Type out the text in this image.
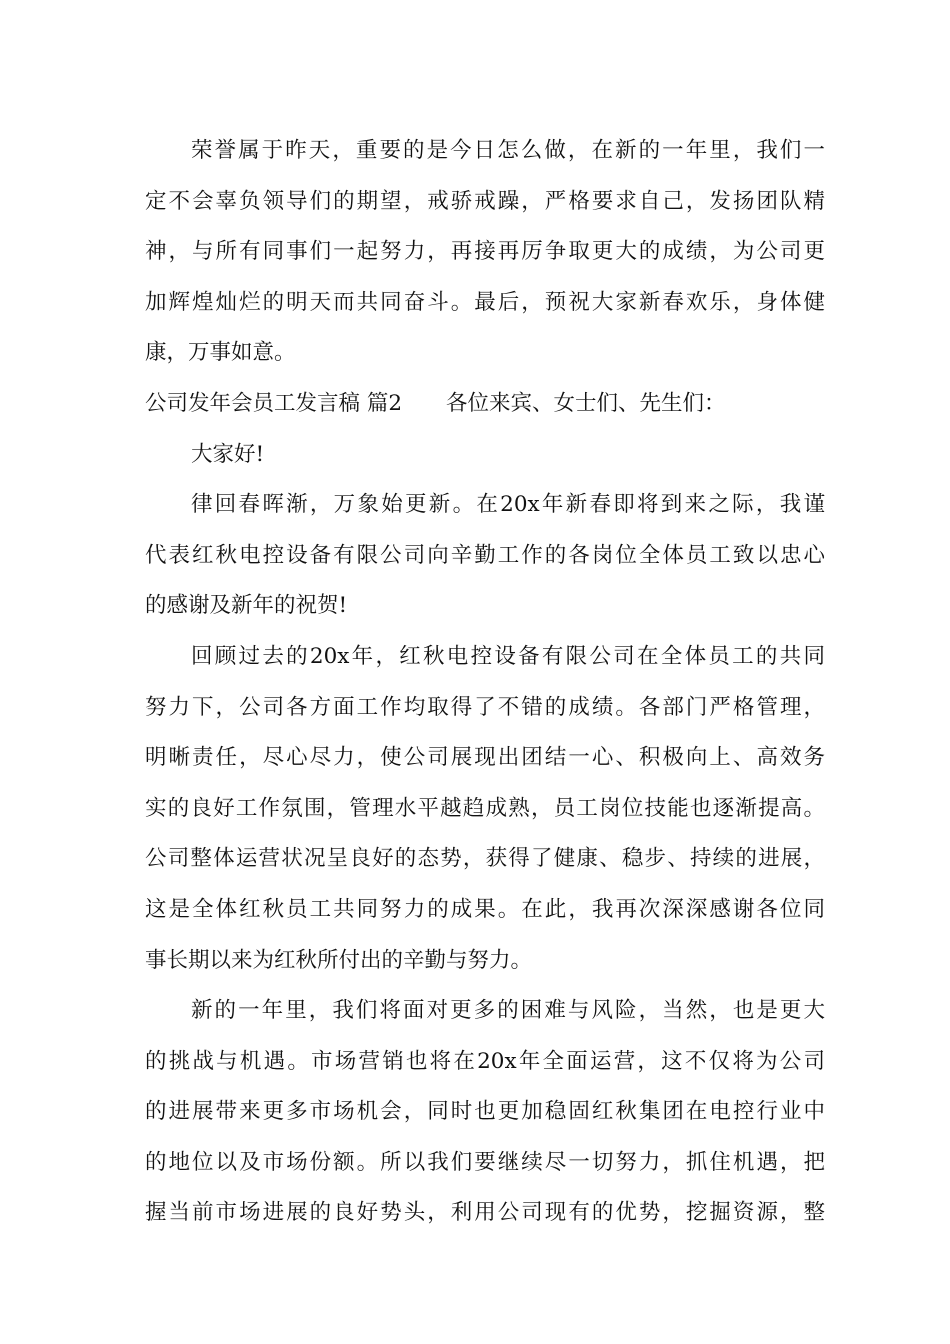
荣誉属于昨天，重要的是今日怎么做，在新的一年里，我们一
定不会辜负领导们的期望，戒骄戒躁，严格要求自己，发扬团队精
神，与所有同事们一起努力，再接再厉争取更大的成绩，为公司更
加辉煌灿烂的明天而共同奋斗。最后，预祝大家新春欢乐，身体健
康，万事如意。
公司发年会员工发言稿 篇2 各位来宾、女士们、先生们：
大家好!
律回春晖渐，万象始更新。在20x年新春即将到来之际，我谨
代表红秋电控设备有限公司向辛勤工作的各岗位全体员工致以忠心
的感谢及新年的祝贺!
回顾过去的20x年，红秋电控设备有限公司在全体员工的共同
努力下，公司各方面工作均取得了不错的成绩。各部门严格管理，
明晰责任，尽心尽力，使公司展现出团结一心、积极向上、高效务
实的良好工作氛围，管理水平越趋成熟，员工岗位技能也逐渐提高。
公司整体运营状况呈良好的态势，获得了健康、稳步、持续的进展，
这是全体红秋员工共同努力的成果。在此，我再次深深感谢各位同
事长期以来为红秋所付出的辛勤与努力。
新的一年里，我们将面对更多的困难与风险，当然，也是更大
的挑战与机遇。市场营销也将在20x年全面运营，这不仅将为公司
的进展带来更多市场机会，同时也更加稳固红秋集团在电控行业中
的地位以及市场份额。所以我们要继续尽一切努力，抓住机遇，把
握当前市场进展的良好势头，利用公司现有的优势，挖掘资源，整
